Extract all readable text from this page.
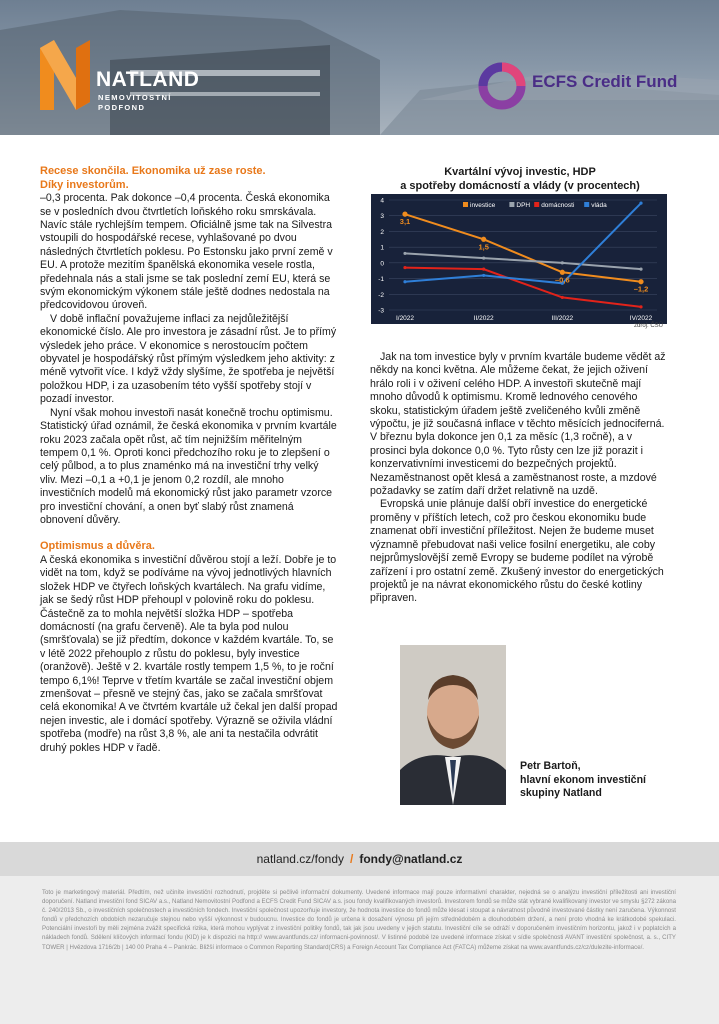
NATLAND
NEMOVITOSTNÍ
PODFOND
ECFS Credit Fund

Recese skončila. Ekonomika už zase roste.

Díky investorům.

–0,3 procenta. Pak dokonce –0,4 procenta. Česká ekonomika se v posledních dvou čtvrtletích loňského roku smrskávala. Navíc stále rychlejším tempem. Oficiálně jsme tak na Silvestra vstoupili do hospodářské recese, vyhlašované po dvou následných čtvrtletích poklesu. Po Estonsku jako první země v EU. A protože mezitím španělská ekonomika vesele rostla, předehnala nás a stali jsme se tak poslední zemí EU, která se svým ekonomickým výkonem stále ještě dodnes nedostala na předcovidovou úroveň.

V době inflační považujeme inflaci za nejdůležitější ekonomické číslo. Ale pro investora je zásadní růst. Je to přímý výsledek jeho práce. V ekonomice s nerostoucím počtem obyvatel je hospodářský růst přímým výsledkem jeho aktivity: z méně vytvořit více. I když vždy slyšíme, že spotřeba je největší položkou HDP, i za uzasobením této vyšší spotřeby stojí v pozadí investor.

Nyní však mohou investoři nasát konečně trochu optimismu. Statistický úřad oznámil, že česká ekonomika v prvním kvartále roku 2023 začala opět růst, ač tím nejnižším měřitelným tempem 0,1 %. Oproti konci předchozího roku je to zlepšení o celý půlbod, a to plus znaménko má na investiční trhy velký vliv. Mezi –0,1 a +0,1 je jenom 0,2 rozdíl, ale mnoho investičních modelů má ekonomický růst jako parametr vzorce pro investiční chování, a onen byť slabý růst znamená obnovení důvěry.

Optimismus a důvěra.

A česká ekonomika s investiční důvěrou stojí a leží. Dobře je to vidět na tom, když se podíváme na vývoj jednotlivých hlavních složek HDP ve čtyřech loňských kvartálech. Na grafu vidíme, jak se šedý růst HDP přehoupl v polovině roku do poklesu. Částečně za to mohla největší složka HDP – spotřeba domácností (na grafu červeně). Ale ta byla pod nulou (smršťovala) se již předtím, dokonce v každém kvartále. To, se v létě 2022 přehouplo z růstu do poklesu, byly investice (oranžově). Ještě v 2. kvartále rostly tempem 1,5 %, to je roční tempo 6,1%! Teprve v třetím kvartále se začal investiční objem zmenšovat – přesně ve stejný čas, jako se začala smršťovat celá ekonomika! A ve čtvrtém kvartále už čekal jen další propad nejen investic, ale i domácí spotřeby. Výrazně se oživila vládní spotřeba (modře) na růst 3,8 %, ale ani ta nestačila odvrátit druhý pokles HDP v řadě.

Kvartální vývoj investic, HDP
a spotřeby domácností a vlády (v procentech)
-3
-2
-1
0
1
2
3
4
I/2022	II/2022	III/2022	IV/2022
3,1
1,5
–0,6
–1,2
investice	DPH domácnosti	vláda
zdroj: ČSÚ

Jak na tom investice byly v prvním kvartále budeme vědět až někdy na konci května. Ale můžeme čekat, že jejich oživení hrálo roli i v oživení celého HDP. A investoři skutečně mají mnoho důvodů k optimismu. Kromě lednového cenového skoku, statistickým úřadem ještě zveličeného kvůli změně výpočtu, je již současná inflace v těchto měsících jednociferná. V březnu byla dokonce jen 0,1 za měsíc (1,3 ročně), a v prosinci byla dokonce 0,0 %. Tyto růsty cen lze již porazit i konzervativními investicemi do bezpečných projektů. Nezaměstnanost opět klesá a zaměstnanost roste, a mzdové požadavky se zatím daří držet relativně na uzdě.

Evropská unie plánuje další obří investice do energetické proměny v příštích letech, což pro českou ekonomiku bude znamenat obří investiční příležitost. Nejen že budeme muset významně přebudovat naši velice fosilní energetiku, ale coby nejprůmyslovější země Evropy se budeme podílet na výrobě zařízení i pro ostatní země. Zkušený investor do energetických projektů je na návrat ekonomického růstu do české kotliny připraven.

Petr Bartoň,
hlavní ekonom investiční
skupiny Natland
natland.cz/fondy / fondy@natland.cz
Toto je marketingový materiál. Předtím, než učiníte investiční rozhodnutí, projděte si pečlivě informační dokumenty. Uvedené informace mají pouze informativní charakter, nejedná se o analýzu investiční příležitosti ani investiční doporučení. Natland investiční fond SICAV a.s., Natland Nemovitostní Podfond a ECFS Credit Fund SICAV a.s. jsou fondy kvalifikovaných investorů. Investorem fondů se může stát vybrané kvalifikovaný investor ve smyslu §272 zákona č. 240/2013 Sb., o investičních společnostech a investičních fondech. Investiční společnost upozorňuje investory, že hodnota investice do fondů může klesat i stoupat a návratnost původně investované částky není zaručena. Výkonnost fondů v předchozích obdobích nezaručuje stejnou nebo vyšší výkonnost v budoucnu. Investice do fondů je určena k dosažení výnosu při jejím střednědobém a dlouhodobém držení, a není proto vhodná ke krátkodobé spekulaci. Potenciální investoři by měli zejména zvážit specifická rizika, která mohou vyplývat z investiční politiky fondů, tak jak jsou uvedeny v jejich statutu. Investiční cíle se odráží v doporučeném investičním horizontu, jakož i v poplatcích a nákladech fondů. Sdělení klíčových informací fondu (KID) je k dispozici na http:// www.avantfunds.cz/ informacni-povinnost/. V listinné podobě lze uvedené informace získat v sídle společnosti AVANT investiční společnost, a. s., CITY TOWER | Hvězdova 1716/2b | 140 00 Praha 4 – Pankrác. Bližší informace o Common Reporting Standard(CRS) a Foreign Account Tax Compliance Act (FATCA) můžeme získat na www.avantfunds.cz/cz/dulezite-informace/.
